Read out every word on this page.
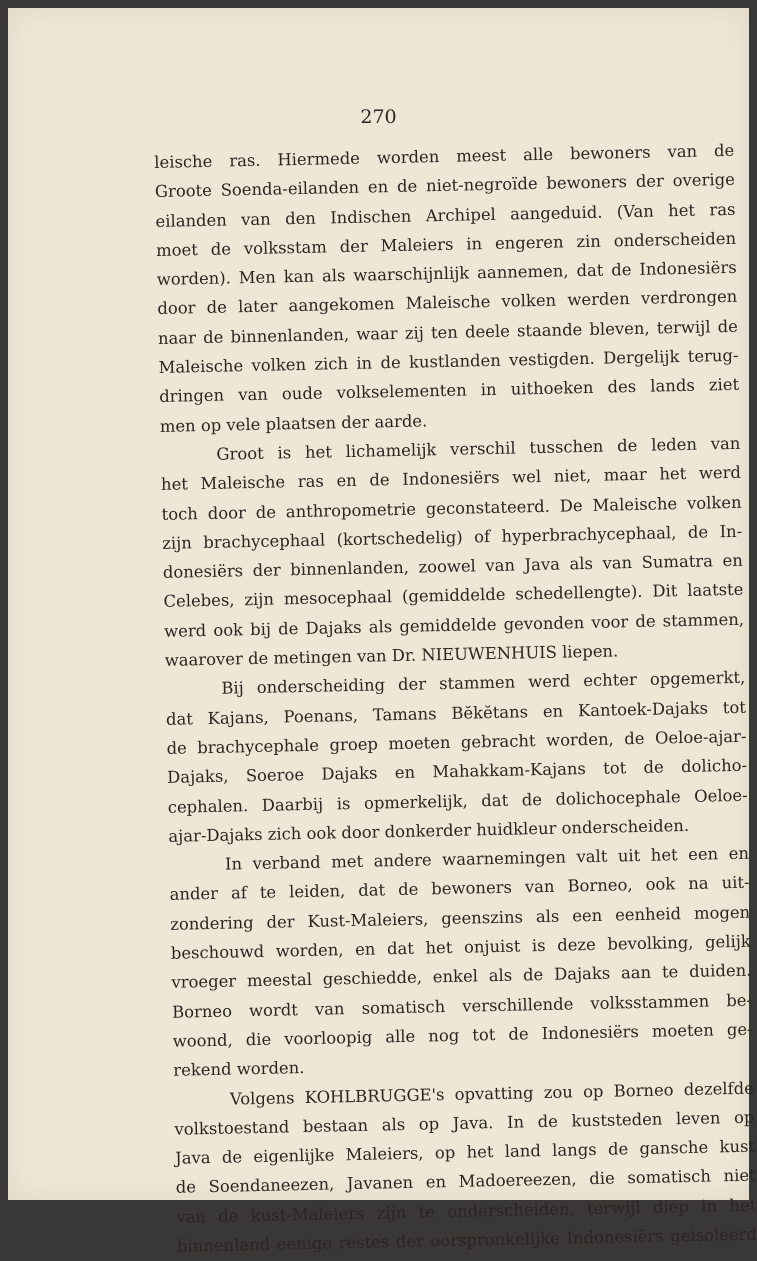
270
leische ras. Hiermede worden meest alle bewoners van de
Groote Soenda-eilanden en de niet-negroïde bewoners der overige
eilanden van den Indischen Archipel aangeduid. (Van het ras
moet de volksstam der Maleiers in engeren zin onderscheiden
worden). Men kan als waarschijnlijk aannemen, dat de Indonesiërs
door de later aangekomen Maleische volken werden verdrongen
naar de binnenlanden, waar zij ten deele staande bleven, terwijl de
Maleische volken zich in de kustlanden vestigden. Dergelijk terug-
dringen van oude volkselementen in uithoeken des lands ziet
men op vele plaatsen der aarde.
Groot is het lichamelijk verschil tusschen de leden van
het Maleische ras en de Indonesiërs wel niet, maar het werd
toch door de anthropometrie geconstateerd. De Maleische volken
zijn brachycephaal (kortschedelig) of hyperbrachycephaal, de In-
donesiërs der binnenlanden, zoowel van Java als van Sumatra en
Celebes, zijn mesocephaal (gemiddelde schedellengte). Dit laatste
werd ook bij de Dajaks als gemiddelde gevonden voor de stammen,
waarover de metingen van Dr. NIEUWENHUIS liepen.
Bij onderscheiding der stammen werd echter opgemerkt,
dat Kajans, Poenans, Tamans Bĕkĕtans en Kantoek-Dajaks tot
de brachycephale groep moeten gebracht worden, de Oeloe-ajar-
Dajaks, Soeroe Dajaks en Mahakkam-Kajans tot de dolicho-
cephalen. Daarbij is opmerkelijk, dat de dolichocephale Oeloe-
ajar-Dajaks zich ook door donkerder huidkleur onderscheiden.
In verband met andere waarnemingen valt uit het een en
ander af te leiden, dat de bewoners van Borneo, ook na uit-
zondering der Kust-Maleiers, geenszins als een eenheid mogen
beschouwd worden, en dat het onjuist is deze bevolking, gelijk
vroeger meestal geschiedde, enkel als de Dajaks aan te duiden.
Borneo wordt van somatisch verschillende volksstammen be-
woond, die voorloopig alle nog tot de Indonesiërs moeten ge-
rekend worden.
Volgens KOHLBRUGGE's opvatting zou op Borneo dezelfde
volkstoestand bestaan als op Java. In de kuststeden leven op
Java de eigenlijke Maleiers, op het land langs de gansche kust
de Soendaneezen, Javanen en Madoereezen, die somatisch niet
van de kust-Maleiers zijn te onderscheiden, terwijl diep in het
binnenland eenige restes der oorspronkelijke Indonesiërs geisoleerd
